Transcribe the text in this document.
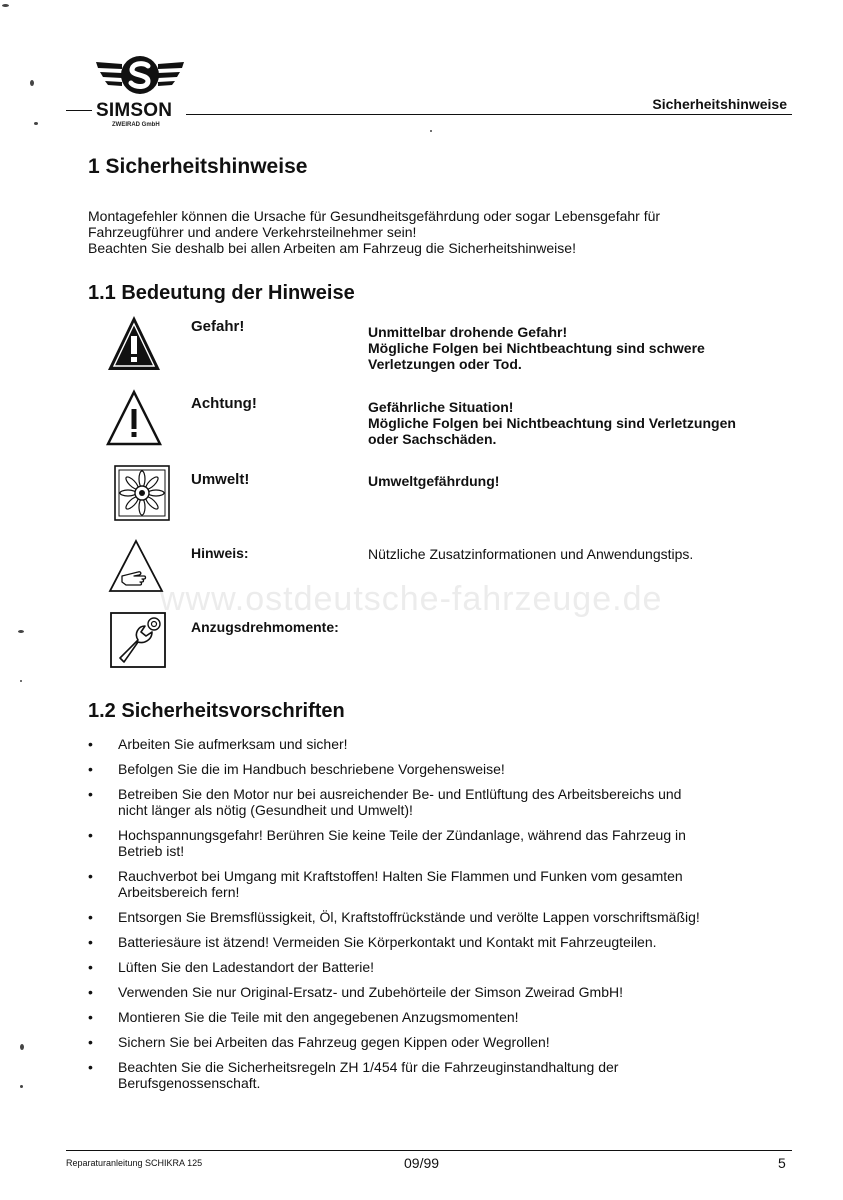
SIMSON
ZWEIRAD GmbH
Sicherheitshinweise
1 Sicherheitshinweise
Montagefehler können die Ursache für Gesundheitsgefährdung oder sogar Lebensgefahr für
Fahrzeugführer und andere Verkehrsteilnehmer sein!
Beachten Sie deshalb bei allen Arbeiten am Fahrzeug die Sicherheitshinweise!
1.1 Bedeutung der Hinweise
Gefahr!	Unmittelbar drohende Gefahr!
Mögliche Folgen bei Nichtbeachtung sind schwere
Verletzungen oder Tod.
Achtung!	Gefährliche Situation!
Mögliche Folgen bei Nichtbeachtung sind Verletzungen
oder Sachschäden.
Umwelt!	Umweltgefährdung!
Hinweis:	Nützliche Zusatzinformationen und Anwendungstips.
Anzugsdrehmomente:
www.ostdeutsche-fahrzeuge.de
1.2 Sicherheitsvorschriften
• Arbeiten Sie aufmerksam und sicher!
• Befolgen Sie die im Handbuch beschriebene Vorgehensweise!
• Betreiben Sie den Motor nur bei ausreichender Be- und Entlüftung des Arbeitsbereichs und
nicht länger als nötig (Gesundheit und Umwelt)!
• Hochspannungsgefahr! Berühren Sie keine Teile der Zündanlage, während das Fahrzeug in
Betrieb ist!
• Rauchverbot bei Umgang mit Kraftstoffen! Halten Sie Flammen und Funken vom gesamten
Arbeitsbereich fern!
• Entsorgen Sie Bremsflüssigkeit, Öl, Kraftstoffrückstände und verölte Lappen vorschriftsmäßig!
• Batteriesäure ist ätzend! Vermeiden Sie Körperkontakt und Kontakt mit Fahrzeugteilen.
• Lüften Sie den Ladestandort der Batterie!
• Verwenden Sie nur Original-Ersatz- und Zubehörteile der Simson Zweirad GmbH!
• Montieren Sie die Teile mit den angegebenen Anzugsmomenten!
• Sichern Sie bei Arbeiten das Fahrzeug gegen Kippen oder Wegrollen!
• Beachten Sie die Sicherheitsregeln ZH 1/454 für die Fahrzeuginstandhaltung der
Berufsgenossenschaft.
Reparaturanleitung SCHIKRA 125	09/99	5
